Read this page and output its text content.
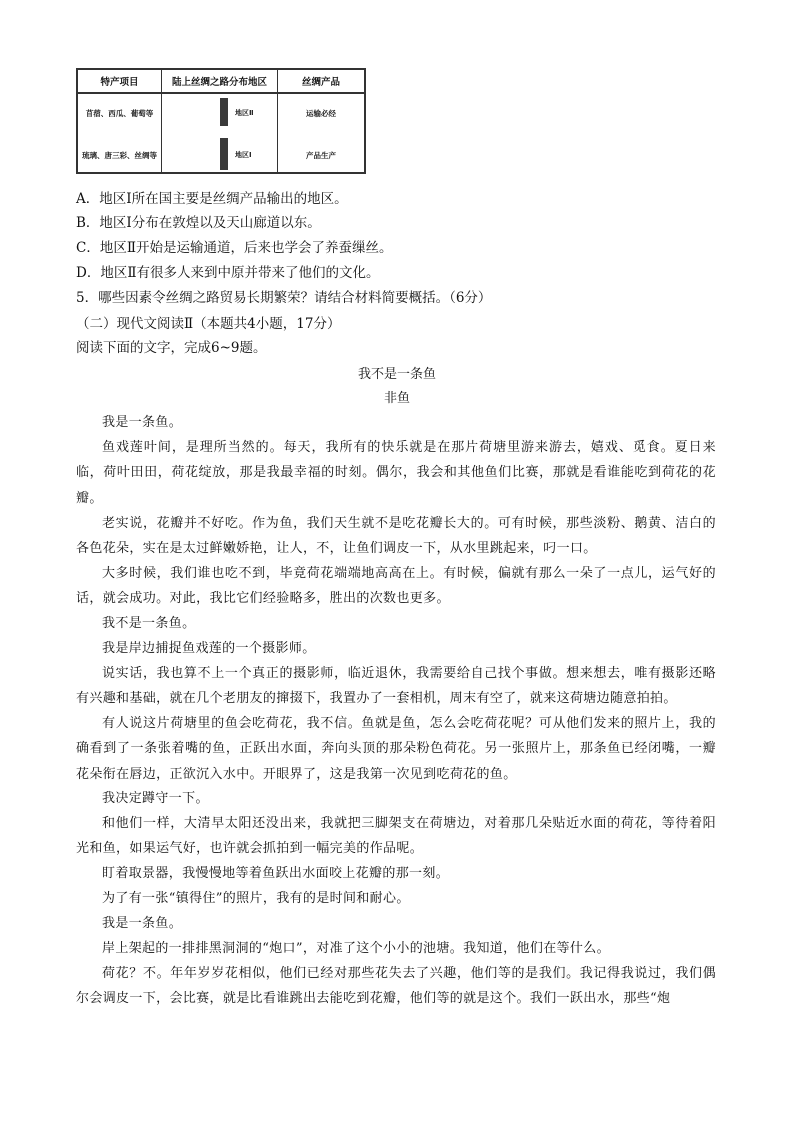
特产项目	陆上丝绸之路分布地区	丝绸产品
苜蓿、西瓜、葡萄等
琉璃、唐三彩、丝绸等
地区Ⅱ
地区Ⅰ
运输必经
产品生产
A．地区Ⅰ所在国主要是丝绸产品输出的地区。
B．地区Ⅰ分布在敦煌以及天山廊道以东。
C．地区Ⅱ开始是运输通道，后来也学会了养蚕缫丝。
D．地区Ⅱ有很多人来到中原并带来了他们的文化。
5．哪些因素令丝绸之路贸易长期繁荣？请结合材料简要概括。（6分）
（二）现代文阅读Ⅱ（本题共4小题，17分）
阅读下面的文字，完成6~9题。
我不是一条鱼
非鱼

我是一条鱼。

鱼戏莲叶间，是理所当然的。每天，我所有的快乐就是在那片荷塘里游来游去，嬉戏、觅食。夏日来临，荷叶田田，荷花绽放，那是我最幸福的时刻。偶尔，我会和其他鱼们比赛，那就是看谁能吃到荷花的花瓣。

老实说，花瓣并不好吃。作为鱼，我们天生就不是吃花瓣长大的。可有时候，那些淡粉、鹅黄、洁白的各色花朵，实在是太过鲜嫩娇艳，让人，不，让鱼们调皮一下，从水里跳起来，叼一口。

大多时候，我们谁也吃不到，毕竟荷花端端地高高在上。有时候，偏就有那么一朵了一点儿，运气好的话，就会成功。对此，我比它们经验略多，胜出的次数也更多。

我不是一条鱼。

我是岸边捕捉鱼戏莲的一个摄影师。

说实话，我也算不上一个真正的摄影师，临近退休，我需要给自己找个事做。想来想去，唯有摄影还略有兴趣和基础，就在几个老朋友的撺掇下，我置办了一套相机，周末有空了，就来这荷塘边随意拍拍。

有人说这片荷塘里的鱼会吃荷花，我不信。鱼就是鱼，怎么会吃荷花呢？可从他们发来的照片上，我的确看到了一条张着嘴的鱼，正跃出水面，奔向头顶的那朵粉色荷花。另一张照片上，那条鱼已经闭嘴，一瓣花朵衔在唇边，正欲沉入水中。开眼界了，这是我第一次见到吃荷花的鱼。

我决定蹲守一下。

和他们一样，大清早太阳还没出来，我就把三脚架支在荷塘边，对着那几朵贴近水面的荷花，等待着阳光和鱼，如果运气好，也许就会抓拍到一幅完美的作品呢。

盯着取景器，我慢慢地等着鱼跃出水面咬上花瓣的那一刻。

为了有一张“镇得住”的照片，我有的是时间和耐心。

我是一条鱼。

岸上架起的一排排黑洞洞的“炮口”，对准了这个小小的池塘。我知道，他们在等什么。

荷花？不。年年岁岁花相似，他们已经对那些花失去了兴趣，他们等的是我们。我记得我说过，我们偶尔会调皮一下，会比赛，就是比看谁跳出去能吃到花瓣，他们等的就是这个。我们一跃出水，那些“炮
